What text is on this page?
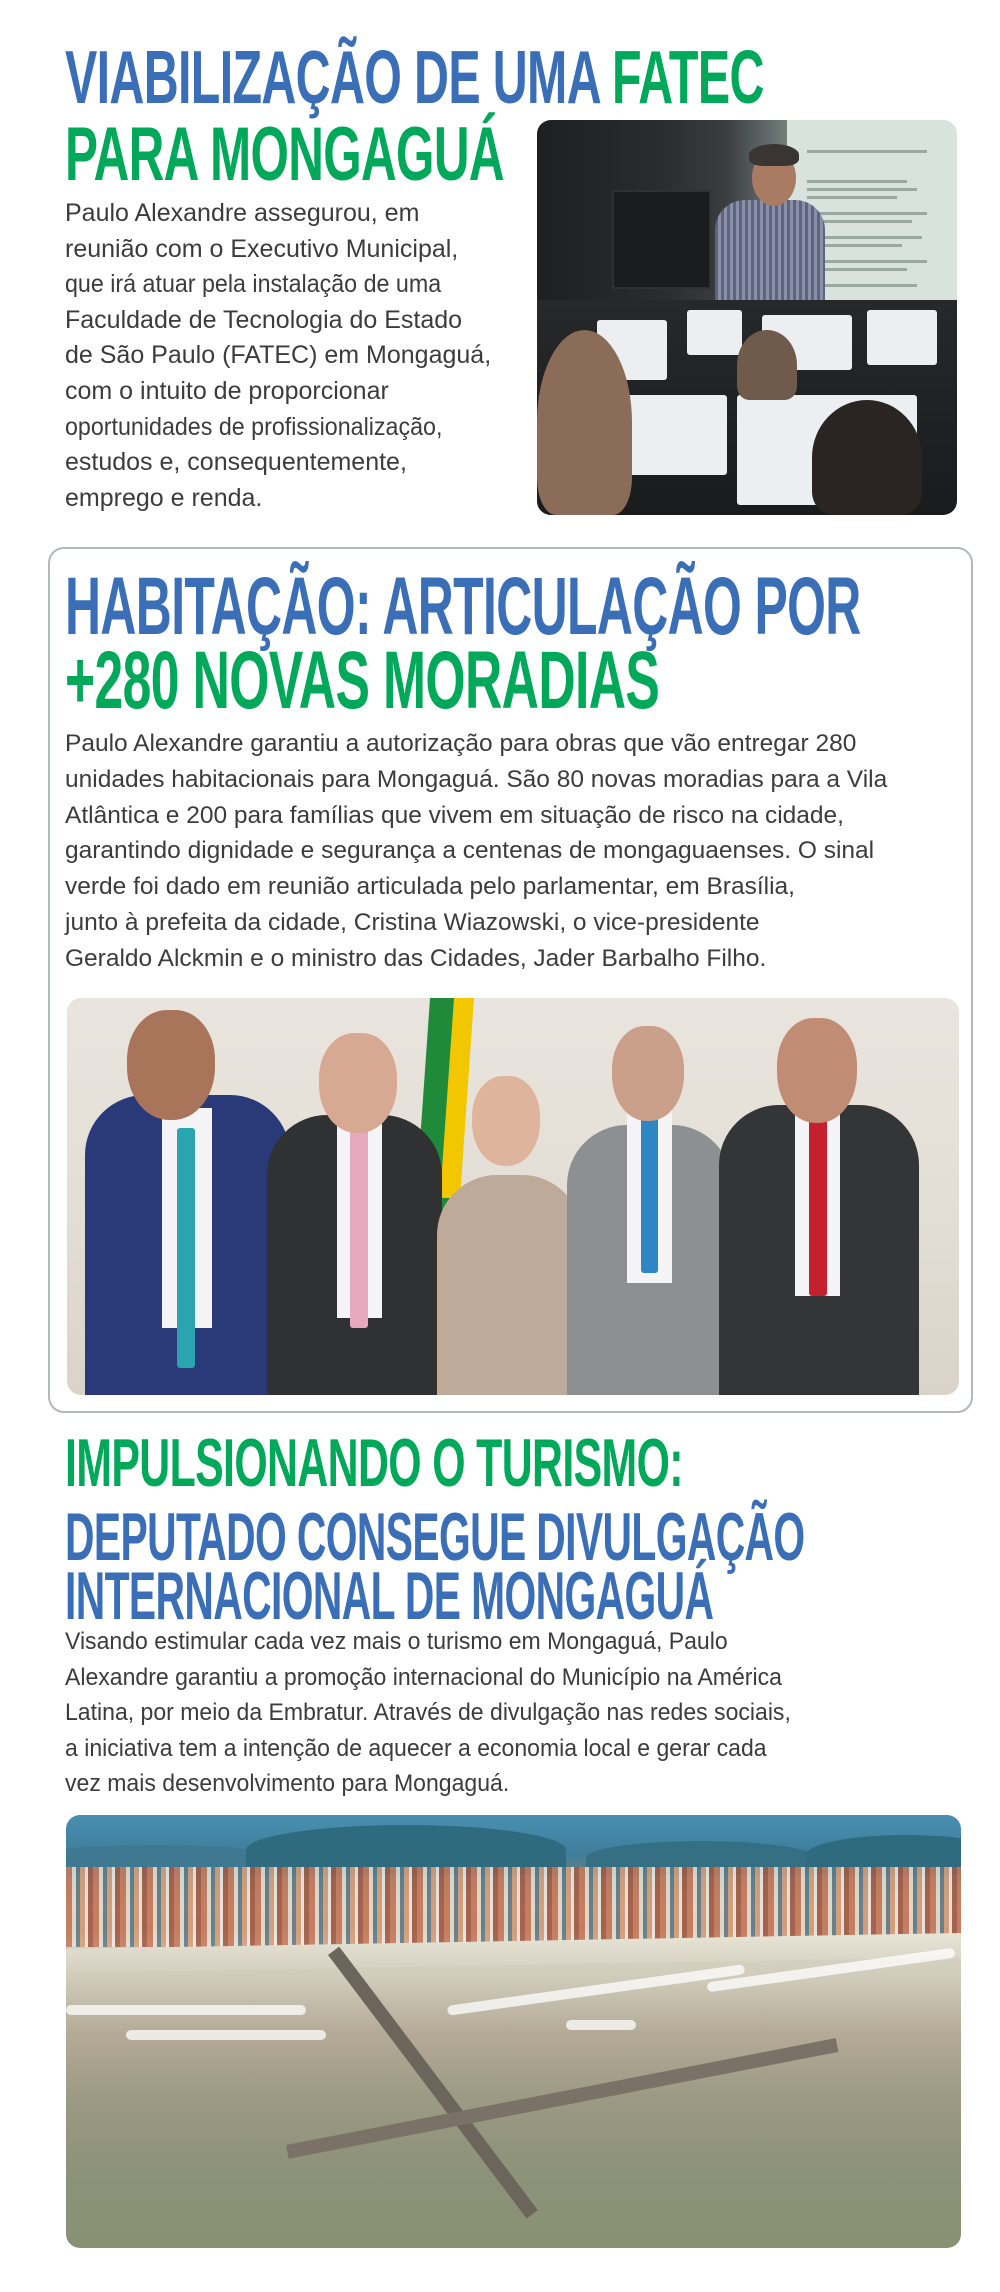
VIABILIZAÇÃO DE UMA FATEC
PARA MONGAGUÁ
Paulo Alexandre assegurou, em
reunião com o Executivo Municipal,
que irá atuar pela instalação de uma
Faculdade de Tecnologia do Estado
de São Paulo (FATEC) em Mongaguá,
com o intuito de proporcionar
oportunidades de profissionalização,
estudos e, consequentemente,
emprego e renda.
HABITAÇÃO: ARTICULAÇÃO POR
+280 NOVAS MORADIAS
Paulo Alexandre garantiu a autorização para obras que vão entregar 280
unidades habitacionais para Mongaguá. São 80 novas moradias para a Vila
Atlântica e 200 para famílias que vivem em situação de risco na cidade,
garantindo dignidade e segurança a centenas de mongaguaenses. O sinal
verde foi dado em reunião articulada pelo parlamentar, em Brasília,
junto à prefeita da cidade, Cristina Wiazowski, o vice-presidente
Geraldo Alckmin e o ministro das Cidades, Jader Barbalho Filho.
IMPULSIONANDO O TURISMO:
DEPUTADO CONSEGUE DIVULGAÇÃO
INTERNACIONAL DE MONGAGUÁ
Visando estimular cada vez mais o turismo em Mongaguá, Paulo
Alexandre garantiu a promoção internacional do Município na América
Latina, por meio da Embratur. Através de divulgação nas redes sociais,
a iniciativa tem a intenção de aquecer a economia local e gerar cada
vez mais desenvolvimento para Mongaguá.
